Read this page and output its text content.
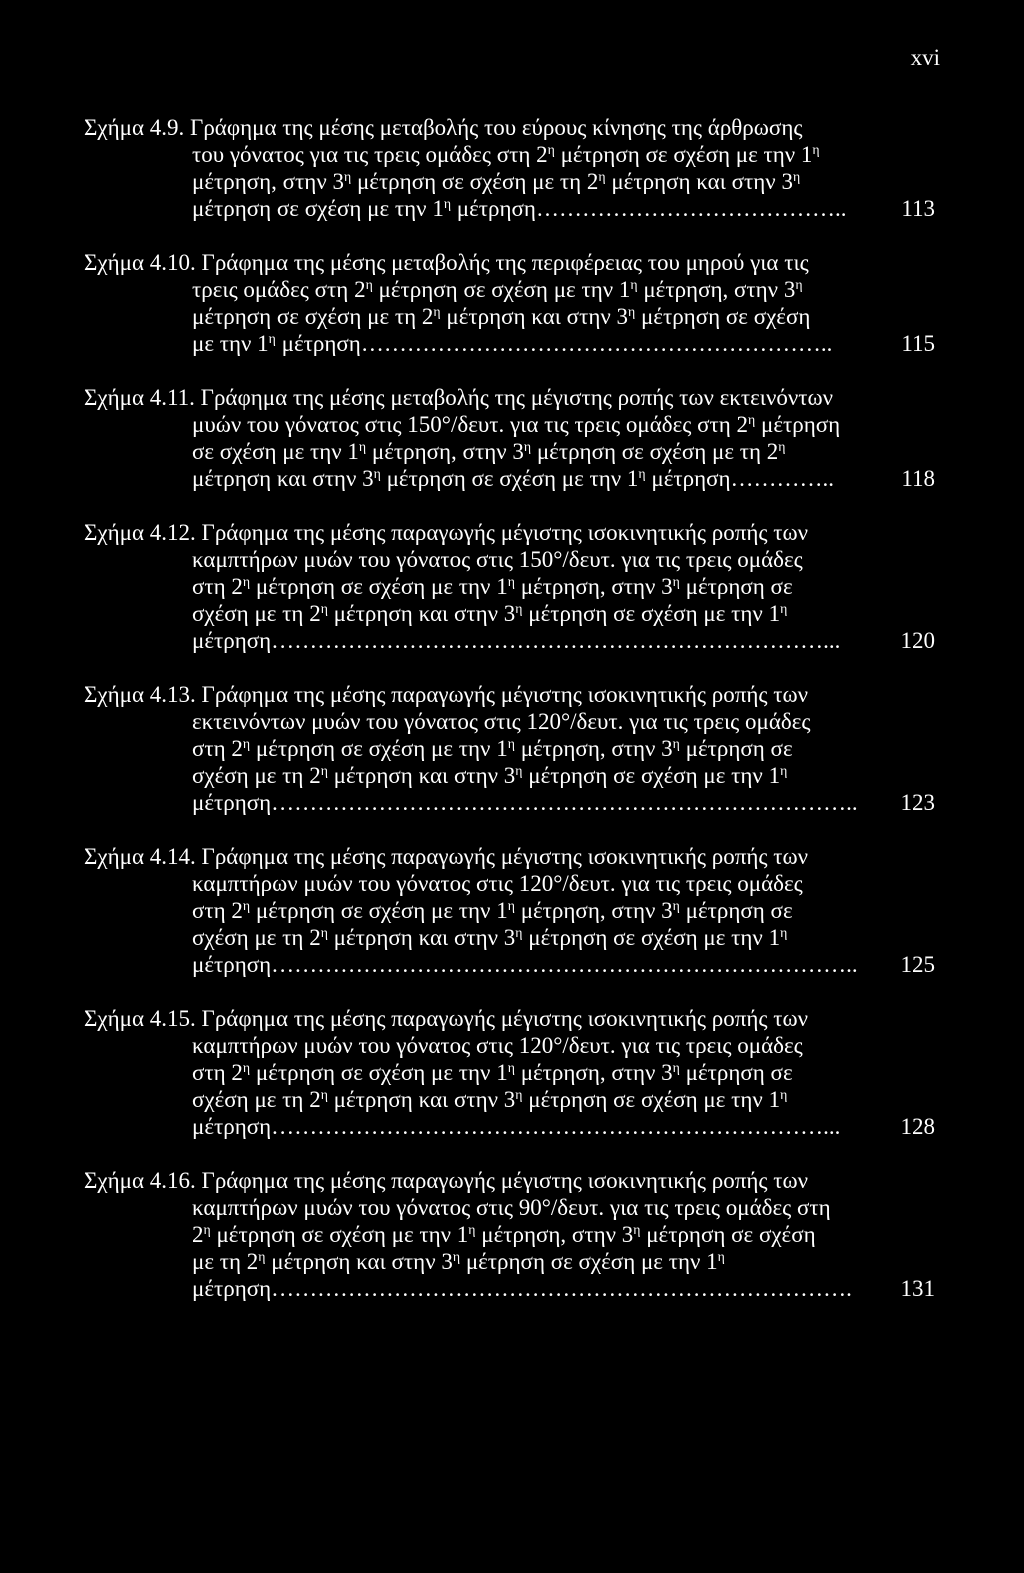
xvi
Σχήμα 4.9. Γράφημα της μέσης μεταβολής του εύρους κίνησης της άρθρωσης
του γόνατος για τις τρεις ομάδες στη $2^\eta$ μέτρηση σε σχέση με την $1^\eta$
μέτρηση, στην $3^\eta$ μέτρηση σε σχέση με τη $2^\eta$ μέτρηση και στην $3^\eta$
μέτρηση σε σχέση με την $1^\eta$ μέτρηση………………………………….. 113
Σχήμα 4.10. Γράφημα της μέσης μεταβολής της περιφέρειας του μηρού για τις
τρεις ομάδες στη $2^\eta$ μέτρηση σε σχέση με την $1^\eta$ μέτρηση, στην $3^\eta$
μέτρηση σε σχέση με τη $2^\eta$ μέτρηση και στην $3^\eta$ μέτρηση σε σχέση
με την $1^\eta$ μέτρηση……………………………………………………..	115
Σχήμα 4.11. Γράφημα της μέσης μεταβολής της μέγιστης ροπής των εκτεινόντων
μυών του γόνατος στις 150°/δευτ. για τις τρεις ομάδες στη $2^\eta$ μέτρηση
σε σχέση με την $1^\eta$ μέτρηση, στην $3^\eta$ μέτρηση σε σχέση με τη $2^\eta$
μέτρηση και στην $3^\eta$ μέτρηση σε σχέση με την $1^\eta$ μέτρηση…………..	118
Σχήμα 4.12. Γράφημα της μέσης παραγωγής μέγιστης ισοκινητικής ροπής των
καμπτήρων μυών του γόνατος στις 150°/δευτ. για τις τρεις ομάδες
στη $2^\eta$ μέτρηση σε σχέση με την $1^\eta$ μέτρηση, στην $3^\eta$ μέτρηση σε
σχέση με τη $2^\eta$ μέτρηση και στην $3^\eta$ μέτρηση σε σχέση με την $1^\eta$
μέτρηση………………………………………………………………...	120
Σχήμα 4.13. Γράφημα της μέσης παραγωγής μέγιστης ισοκινητικής ροπής των
εκτεινόντων μυών του γόνατος στις 120°/δευτ. για τις τρεις ομάδες
στη $2^\eta$ μέτρηση σε σχέση με την $1^\eta$ μέτρηση, στην $3^\eta$ μέτρηση σε
σχέση με τη $2^\eta$ μέτρηση και στην $3^\eta$ μέτρηση σε σχέση με την $1^\eta$
μέτρηση………………………………………………………………….. 123
Σχήμα 4.14. Γράφημα της μέσης παραγωγής μέγιστης ισοκινητικής ροπής των
καμπτήρων μυών του γόνατος στις 120°/δευτ. για τις τρεις ομάδες
στη $2^\eta$ μέτρηση σε σχέση με την $1^\eta$ μέτρηση, στην $3^\eta$ μέτρηση σε
σχέση με τη $2^\eta$ μέτρηση και στην $3^\eta$ μέτρηση σε σχέση με την $1^\eta$
μέτρηση………………………………………………………………….. 125
Σχήμα 4.15. Γράφημα της μέσης παραγωγής μέγιστης ισοκινητικής ροπής των
καμπτήρων μυών του γόνατος στις 120°/δευτ. για τις τρεις ομάδες
στη $2^\eta$ μέτρηση σε σχέση με την $1^\eta$ μέτρηση, στην $3^\eta$ μέτρηση σε
σχέση με τη $2^\eta$ μέτρηση και στην $3^\eta$ μέτρηση σε σχέση με την $1^\eta$
μέτρηση………………………………………………………………...	128
Σχήμα 4.16. Γράφημα της μέσης παραγωγής μέγιστης ισοκινητικής ροπής των
καμπτήρων μυών του γόνατος στις 90°/δευτ. για τις τρεις ομάδες στη
$2^\eta$ μέτρηση σε σχέση με την $1^\eta$ μέτρηση, στην $3^\eta$ μέτρηση σε σχέση
με τη $2^\eta$ μέτρηση και στην $3^\eta$ μέτρηση σε σχέση με την $1^\eta$
μέτρηση…………………………………………………………………. 131
